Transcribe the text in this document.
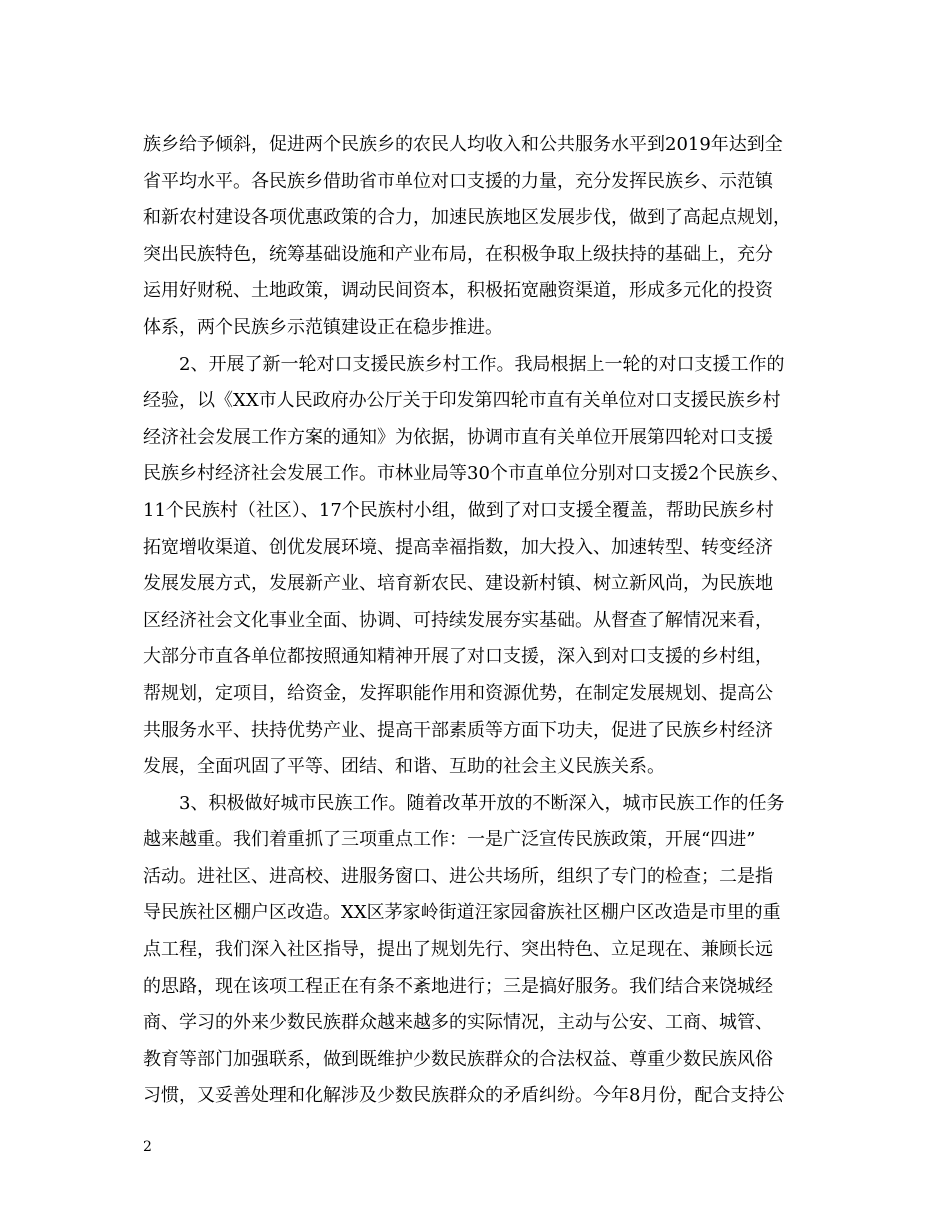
族乡给予倾斜，促进两个民族乡的农民人均收入和公共服务水平到2019年达到全
省平均水平。各民族乡借助省市单位对口支援的力量，充分发挥民族乡、示范镇
和新农村建设各项优惠政策的合力，加速民族地区发展步伐，做到了高起点规划，
突出民族特色，统筹基础设施和产业布局，在积极争取上级扶持的基础上，充分
运用好财税、土地政策，调动民间资本，积极拓宽融资渠道，形成多元化的投资
体系，两个民族乡示范镇建设正在稳步推进。
　　2、开展了新一轮对口支援民族乡村工作。我局根据上一轮的对口支援工作的
经验，以《XX市人民政府办公厅关于印发第四轮市直有关单位对口支援民族乡村
经济社会发展工作方案的通知》为依据，协调市直有关单位开展第四轮对口支援
民族乡村经济社会发展工作。市林业局等30个市直单位分别对口支援2个民族乡、
11个民族村（社区）、17个民族村小组，做到了对口支援全覆盖，帮助民族乡村
拓宽增收渠道、创优发展环境、提高幸福指数，加大投入、加速转型、转变经济
发展发展方式，发展新产业、培育新农民、建设新村镇、树立新风尚，为民族地
区经济社会文化事业全面、协调、可持续发展夯实基础。从督查了解情况来看，
大部分市直各单位都按照通知精神开展了对口支援，深入到对口支援的乡村组，
帮规划，定项目，给资金，发挥职能作用和资源优势，在制定发展规划、提高公
共服务水平、扶持优势产业、提高干部素质等方面下功夫，促进了民族乡村经济
发展，全面巩固了平等、团结、和谐、互助的社会主义民族关系。
　　3、积极做好城市民族工作。随着改革开放的不断深入，城市民族工作的任务
越来越重。我们着重抓了三项重点工作：一是广泛宣传民族政策，开展“四进”
活动。进社区、进高校、进服务窗口、进公共场所，组织了专门的检查；二是指
导民族社区棚户区改造。XX区茅家岭街道汪家园畲族社区棚户区改造是市里的重
点工程，我们深入社区指导，提出了规划先行、突出特色、立足现在、兼顾长远
的思路，现在该项工程正在有条不紊地进行；三是搞好服务。我们结合来饶城经
商、学习的外来少数民族群众越来越多的实际情况，主动与公安、工商、城管、
教育等部门加强联系，做到既维护少数民族群众的合法权益、尊重少数民族风俗
习惯，又妥善处理和化解涉及少数民族群众的矛盾纠纷。今年8月份，配合支持公
2
